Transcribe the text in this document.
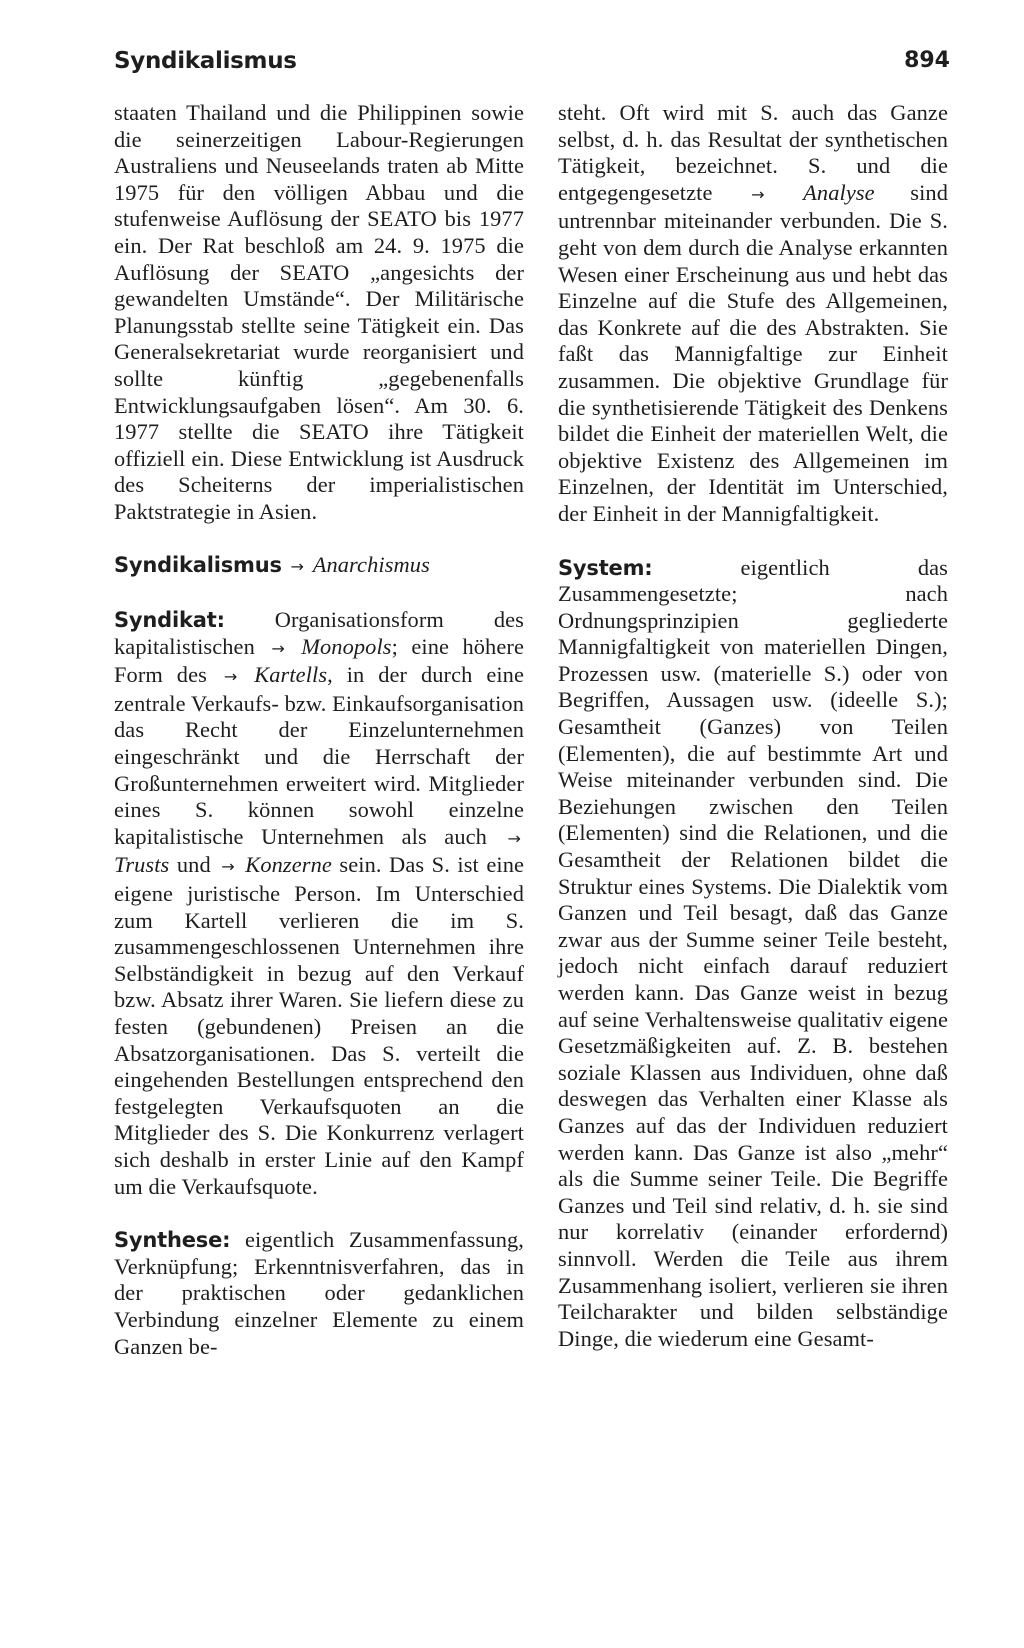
Syndikalismus	894

staaten Thailand und die Philippinen sowie die seinerzeitigen Labour-Regierungen Australiens und Neuseelands traten ab Mitte 1975 für den völligen Abbau und die stufenweise Auflösung der SEATO bis 1977 ein. Der Rat beschloß am 24. 9. 1975 die Auflösung der SEATO „angesichts der gewandelten Umstände“. Der Militärische Planungsstab stellte seine Tätigkeit ein. Das Generalsekretariat wurde reorganisiert und sollte künftig „gegebenenfalls Entwicklungsaufgaben lösen“. Am 30. 6. 1977 stellte die SEATO ihre Tätigkeit offiziell ein. Diese Entwicklung ist Ausdruck des Scheiterns der imperialistischen Paktstrategie in Asien.

Syndikalismus → Anarchismus

Syndikat: Organisationsform des kapitalistischen → Monopols; eine höhere Form des → Kartells, in der durch eine zentrale Verkaufs- bzw. Einkaufsorganisation das Recht der Einzelunternehmen eingeschränkt und die Herrschaft der Großunternehmen erweitert wird. Mitglieder eines S. können sowohl einzelne kapitalistische Unternehmen als auch → Trusts und → Konzerne sein. Das S. ist eine eigene juristische Person. Im Unterschied zum Kartell verlieren die im S. zusammengeschlossenen Unternehmen ihre Selbständigkeit in bezug auf den Verkauf bzw. Absatz ihrer Waren. Sie liefern diese zu festen (gebundenen) Preisen an die Absatzorganisationen. Das S. verteilt die eingehenden Bestellungen entsprechend den festgelegten Verkaufsquoten an die Mitglieder des S. Die Konkurrenz verlagert sich deshalb in erster Linie auf den Kampf um die Verkaufsquote.

Synthese: eigentlich Zusammenfassung, Verknüpfung; Erkenntnisverfahren, das in der praktischen oder gedanklichen Verbindung einzelner Elemente zu einem Ganzen be-

steht. Oft wird mit S. auch das Ganze selbst, d. h. das Resultat der synthetischen Tätigkeit, bezeichnet. S. und die entgegengesetzte → Analyse sind untrennbar miteinander verbunden. Die S. geht von dem durch die Analyse erkannten Wesen einer Erscheinung aus und hebt das Einzelne auf die Stufe des Allgemeinen, das Konkrete auf die des Abstrakten. Sie faßt das Mannigfaltige zur Einheit zusammen. Die objektive Grundlage für die synthetisierende Tätigkeit des Denkens bildet die Einheit der materiellen Welt, die objektive Existenz des Allgemeinen im Einzelnen, der Identität im Unterschied, der Einheit in der Mannigfaltigkeit.

System:	eigentlich das Zusammengesetzte; nach Ordnungsprinzipien gegliederte Mannigfaltigkeit von materiellen Dingen, Prozessen usw. (materielle S.) oder von Begriffen, Aussagen usw. (ideelle S.); Gesamtheit (Ganzes) von Teilen (Elementen), die auf bestimmte Art und Weise miteinander verbunden sind. Die Beziehungen zwischen den Teilen (Elementen) sind die Relationen, und die Gesamtheit der Relationen bildet die Struktur eines Systems. Die Dialektik vom Ganzen und Teil besagt, daß das Ganze zwar aus der Summe seiner Teile besteht, jedoch nicht einfach darauf reduziert werden kann. Das Ganze weist in bezug auf seine Verhaltensweise qualitativ eigene Gesetzmäßigkeiten auf. Z. B. bestehen soziale Klassen aus Individuen, ohne daß deswegen das Verhalten einer Klasse als Ganzes auf das der Individuen reduziert werden kann. Das Ganze ist also „mehr“ als die Summe seiner Teile. Die Begriffe Ganzes und Teil sind relativ, d. h. sie sind nur korrelativ (einander erfordernd) sinnvoll. Werden die Teile aus ihrem Zusammenhang isoliert, verlieren sie ihren Teilcharakter und bilden selbständige Dinge, die wiederum eine Gesamt-
